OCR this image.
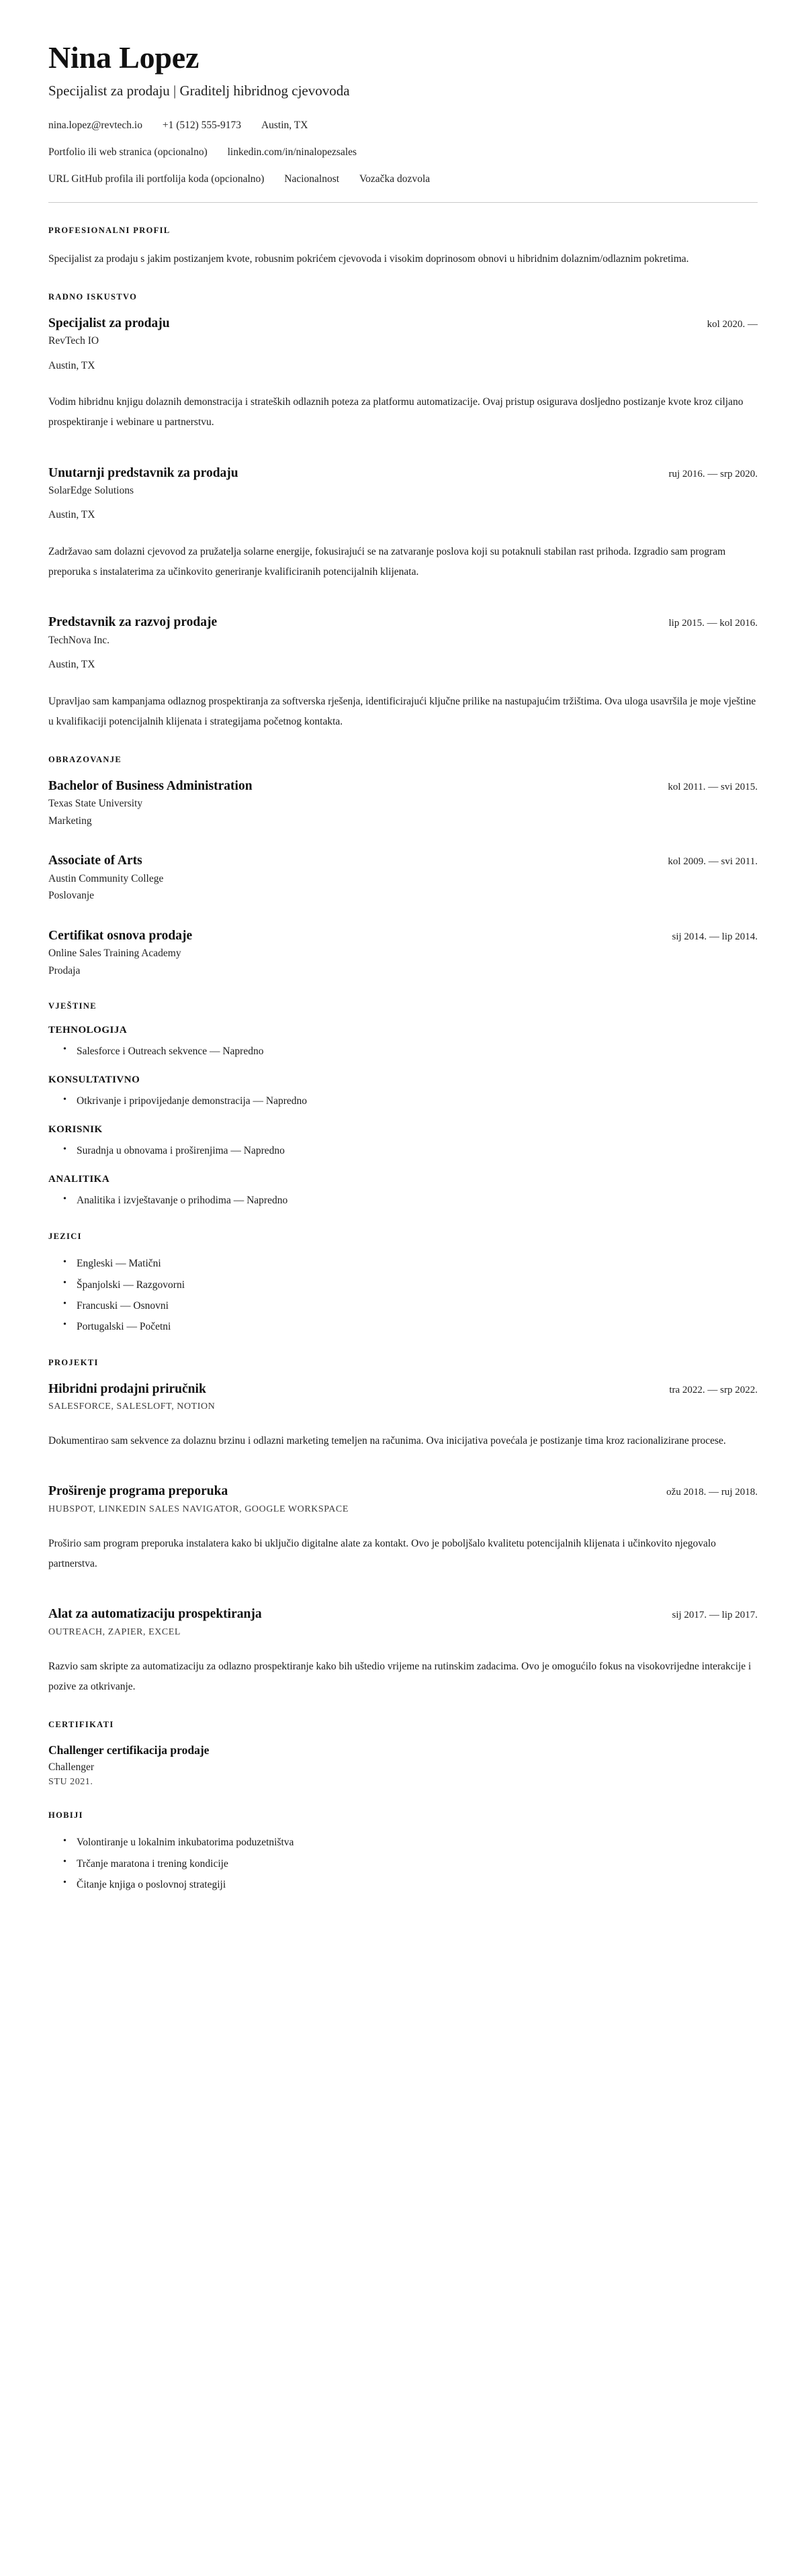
Nina Lopez

Specijalist za prodaju | Graditelj hibridnog cjevovoda

nina.lopez@revtech.io +1 (512) 555-9173 Austin, TX
Portfolio ili web stranica (opcionalno) linkedin.com/in/ninalopezsales
URL GitHub profila ili portfolija koda (opcionalno) Nacionalnost Vozačka dozvola
PROFESIONALNI PROFIL

Specijalist za prodaju s jakim postizanjem kvote, robusnim pokrićem cjevovoda i visokim doprinosom obnovi u hibridnim dolaznim/odlaznim pokretima.

RADNO ISKUSTVO
Specijalist za prodaju	kol 2020. —

RevTech IO

Austin, TX

Vodim hibridnu knjigu dolaznih demonstracija i strateških odlaznih poteza za platformu automatizacije. Ovaj pristup osigurava dosljedno postizanje kvote kroz ciljano prospektiranje i webinare u partnerstvu.

Unutarnji predstavnik za prodaju	ruj 2016. — srp 2020.

SolarEdge Solutions

Austin, TX

Zadržavao sam dolazni cjevovod za pružatelja solarne energije, fokusirajući se na zatvaranje poslova koji su potaknuli stabilan rast prihoda. Izgradio sam program preporuka s instalaterima za učinkovito generiranje kvalificiranih potencijalnih klijenata.

Predstavnik za razvoj prodaje	lip 2015. — kol 2016.

TechNova Inc.

Austin, TX

Upravljao sam kampanjama odlaznog prospektiranja za softverska rješenja, identificirajući ključne prilike na nastupajućim tržištima. Ova uloga usavršila je moje vještine u kvalifikaciji potencijalnih klijenata i strategijama početnog kontakta.

OBRAZOVANJE
Bachelor of Business Administration	kol 2011. — svi 2015.

Texas State University

Marketing

Associate of Arts	kol 2009. — svi 2011.

Austin Community College

Poslovanje

Certifikat osnova prodaje	sij 2014. — lip 2014.

Online Sales Training Academy

Prodaja

VJEŠTINE
TEHNOLOGIJA
• Salesforce i Outreach sekvence — Napredno
KONSULTATIVNO
• Otkrivanje i pripovijedanje demonstracija — Napredno
KORISNIK
• Suradnja u obnovama i proširenjima — Napredno
ANALITIKA
• Analitika i izvještavanje o prihodima — Napredno
JEZICI
• Engleski — Matični
• Španjolski — Razgovorni
• Francuski — Osnovni
• Portugalski — Početni
PROJEKTI
Hibridni prodajni priručnik	tra 2022. — srp 2022.

SALESFORCE, SALESLOFT, NOTION

Dokumentirao sam sekvence za dolaznu brzinu i odlazni marketing temeljen na računima. Ova inicijativa povećala je postizanje tima kroz racionalizirane procese.

Proširenje programa preporuka	ožu 2018. — ruj 2018.

HUBSPOT, LINKEDIN SALES NAVIGATOR, GOOGLE WORKSPACE

Proširio sam program preporuka instalatera kako bi uključio digitalne alate za kontakt. Ovo je poboljšalo kvalitetu potencijalnih klijenata i učinkovito njegovalo partnerstva.

Alat za automatizaciju prospektiranja	sij 2017. — lip 2017.

OUTREACH, ZAPIER, EXCEL

Razvio sam skripte za automatizaciju za odlazno prospektiranje kako bih uštedio vrijeme na rutinskim zadacima. Ovo je omogućilo fokus na visokovrijedne interakcije i pozive za otkrivanje.

CERTIFIKATI
Challenger certifikacija prodaje

Challenger

STU 2021.

HOBIJI
• Volontiranje u lokalnim inkubatorima poduzetništva
• Trčanje maratona i trening kondicije
• Čitanje knjiga o poslovnoj strategiji
